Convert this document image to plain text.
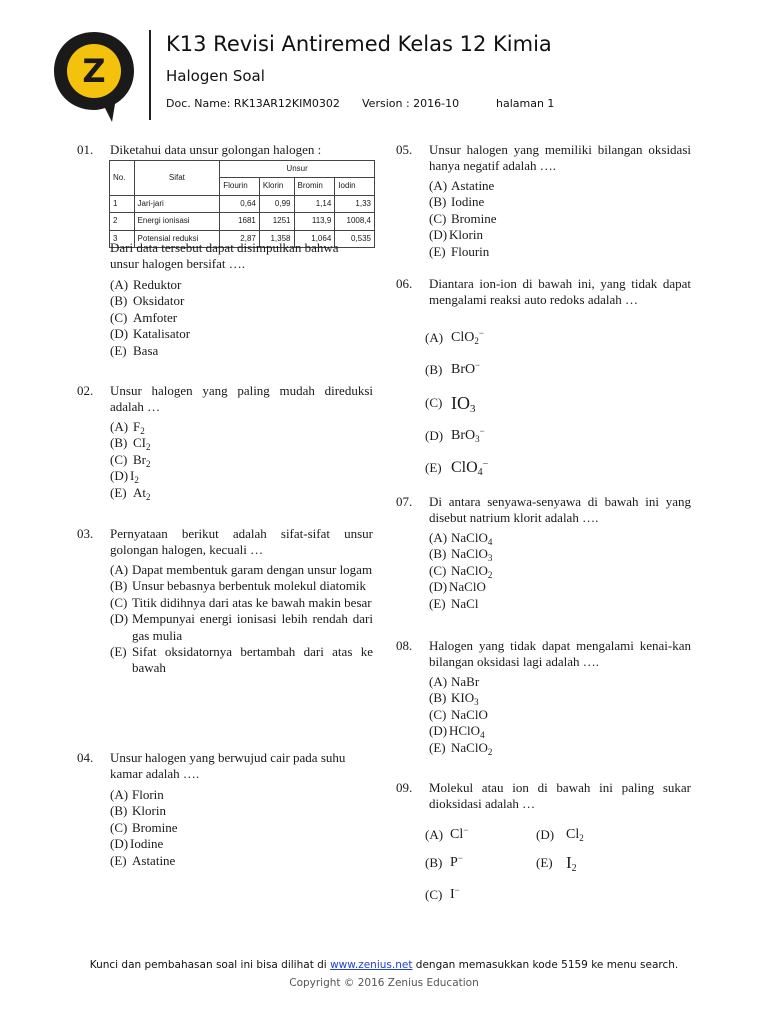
Z
K13 Revisi Antiremed Kelas 12 Kimia
Halogen Soal
Doc. Name: RK13AR12KIM0302 Version : 2016-10	halaman 1
01. Diketahui data unsur golongan halogen :
No.	Sifat	Unsur			
		Flourin	Klorin	Bromin	Iodin
1	Jari-jari	0,64	0,99	1,14	1,33
2	Energi ionisasi	1681	1251	113,9	1008,4
3	Potensial reduksi	2,87	1,358	1,064	0,535
Dari data tersebut dapat disimpulkan bahwa unsur halogen bersifat ….
(A) Reduktor
(B) Oksidator
(C) Amfoter
(D) Katalisator
(E) Basa
02. Unsur halogen yang paling mudah direduksi adalah …
(A) $F_2$
(B) $CI_2$
(C) $Br_2$
(D) $I_2$
(E) $At_2$
03. Pernyataan berikut adalah sifat-sifat unsur golongan halogen, kecuali …
(A) Dapat membentuk garam dengan unsur logam
(B) Unsur bebasnya berbentuk molekul diatomik
(C) Titik didihnya dari atas ke bawah makin besar
(D) Mempunyai energi ionisasi lebih rendah dari gas mulia
(E) Sifat oksidatornya bertambah dari atas ke bawah
04. Unsur halogen yang berwujud cair pada suhu kamar adalah ….
(A) Florin
(B) Klorin
(C) Bromine
(D) Iodine
(E) Astatine
05. Unsur halogen yang memiliki bilangan oksidasi hanya negatif adalah ….
(A) Astatine
(B) Iodine
(C) Bromine
(D) Klorin
(E) Flourin
06. Diantara ion-ion di bawah ini, yang tidak dapat mengalami reaksi auto redoks adalah …
(A) ClO$_2$−
(B) BrO−
(C) $IO_3$
(D) BrO$_3$−
(E) ClO$_4$−
07. Di antara senyawa-senyawa di bawah ini yang disebut natrium klorit adalah ….
(A) NaClO$_4$
(B) NaClO$_3$
(C) NaClO$_2$
(D) NaClO
(E) NaCl
08. Halogen yang tidak dapat mengalami kenai-kan bilangan oksidasi lagi adalah ….
(A) NaBr
(B) $KIO_3$
(C) NaClO
(D) HClO$_4$
(E) NaClO$_2$
09. Molekul atau ion di bawah ini paling sukar dioksidasi adalah …
(A) Cl−	(D) $Cl_2$
(B) P−	(E) $I_2$
(C) I−
Kunci dan pembahasan soal ini bisa dilihat di www.zenius.net dengan memasukkan kode 5159 ke menu search.
Copyright © 2016 Zenius Education
